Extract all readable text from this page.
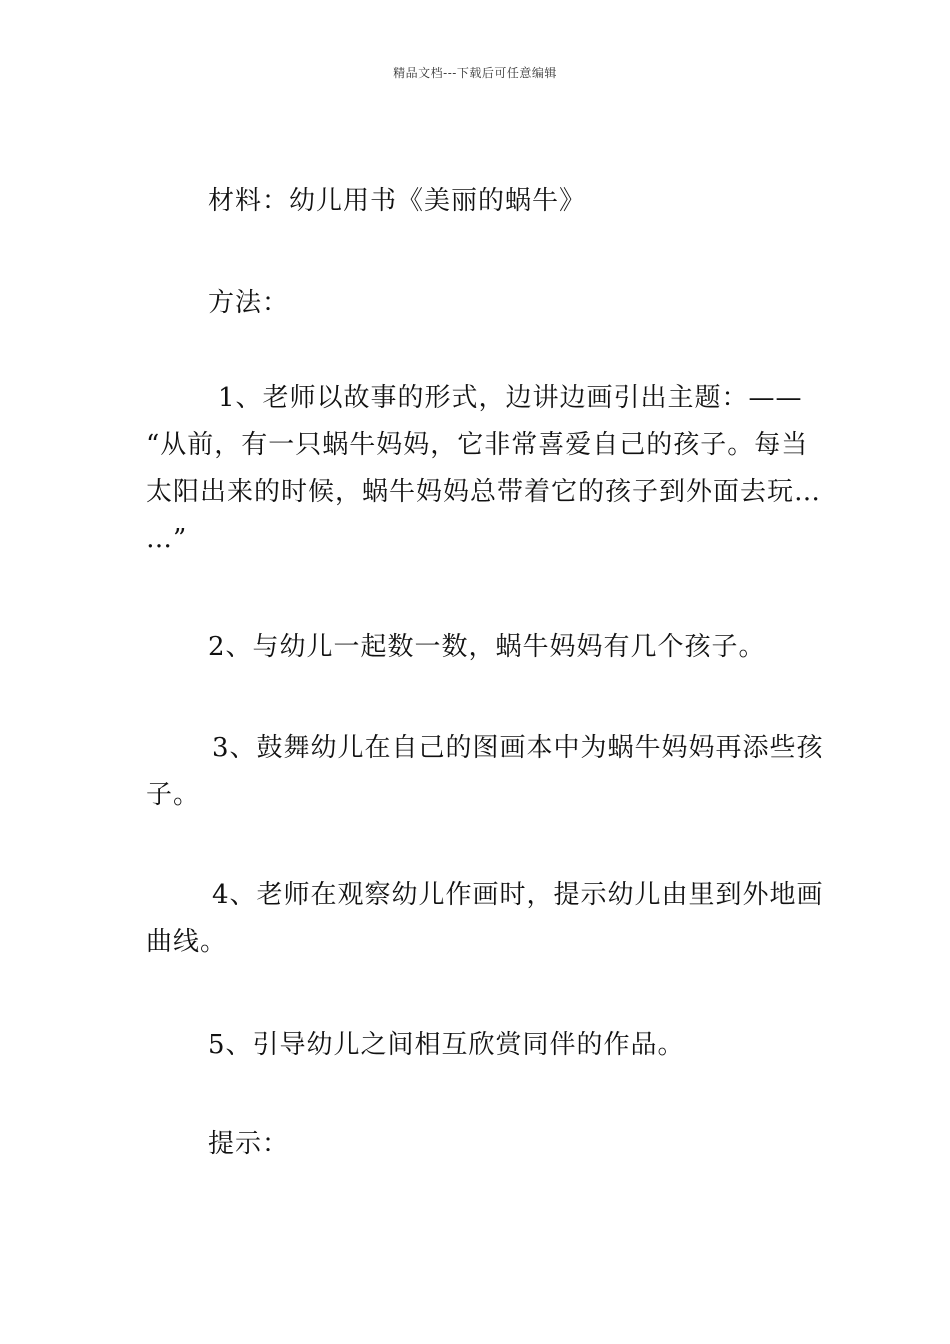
精品文档---下载后可任意编辑

材料：幼儿用书《美丽的蜗牛》

方法：

1、老师以故事的形式，边讲边画引出主题：——
“从前，有一只蜗牛妈妈，它非常喜爱自己的孩子。每当
太阳出来的时候，蜗牛妈妈总带着它的孩子到外面去玩…
…”

2、与幼儿一起数一数，蜗牛妈妈有几个孩子。

3、鼓舞幼儿在自己的图画本中为蜗牛妈妈再添些孩
子。
4、老师在观察幼儿作画时，提示幼儿由里到外地画
曲线。

5、引导幼儿之间相互欣赏同伴的作品。

提示：
